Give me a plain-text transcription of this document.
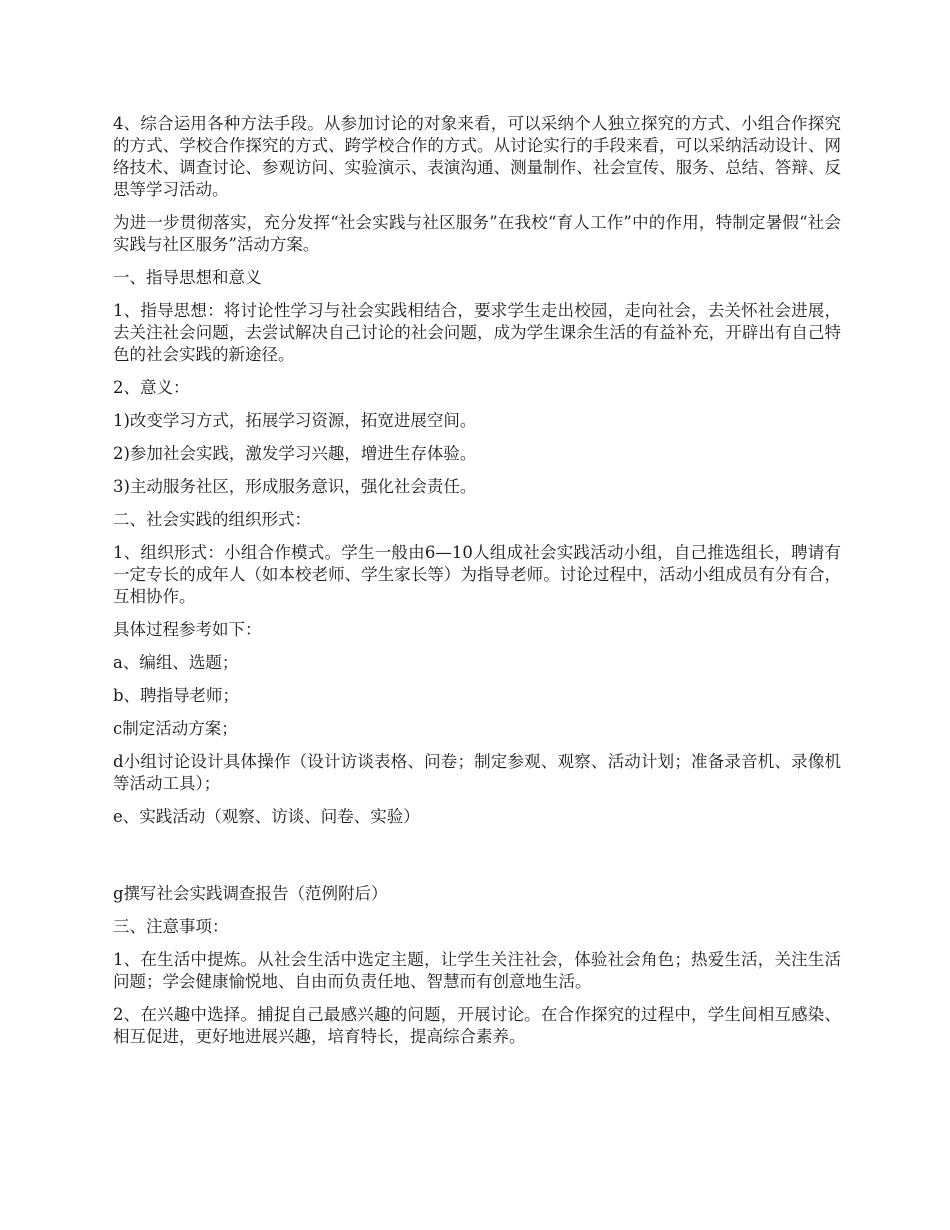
4、综合运用各种方法手段。从参加讨论的对象来看，可以采纳个人独立探究的方式、小组合作探究的方式、学校合作探究的方式、跨学校合作的方式。从讨论实行的手段来看，可以采纳活动设计、网络技术、调查讨论、参观访问、实验演示、表演沟通、测量制作、社会宣传、服务、总结、答辩、反思等学习活动。

为进一步贯彻落实，充分发挥“社会实践与社区服务”在我校“育人工作”中的作用，特制定暑假“社会实践与社区服务”活动方案。

一、指导思想和意义

1、指导思想：将讨论性学习与社会实践相结合，要求学生走出校园，走向社会，去关怀社会进展，去关注社会问题，去尝试解决自己讨论的社会问题，成为学生课余生活的有益补充，开辟出有自己特色的社会实践的新途径。

2、意义：

1)改变学习方式，拓展学习资源，拓宽进展空间。

2)参加社会实践，激发学习兴趣，增进生存体验。

3)主动服务社区，形成服务意识，强化社会责任。

二、社会实践的组织形式：

1、组织形式：小组合作模式。学生一般由6—10人组成社会实践活动小组，自己推选组长，聘请有一定专长的成年人（如本校老师、学生家长等）为指导老师。讨论过程中，活动小组成员有分有合，互相协作。

具体过程参考如下：

a、编组、选题；

b、聘指导老师；

c制定活动方案；

d小组讨论设计具体操作（设计访谈表格、问卷；制定参观、观察、活动计划；准备录音机、录像机等活动工具）；

e、实践活动（观察、访谈、问卷、实验）

g撰写社会实践调查报告（范例附后）

三、注意事项：

1、在生活中提炼。从社会生活中选定主题，让学生关注社会，体验社会角色；热爱生活，关注生活问题；学会健康愉悦地、自由而负责任地、智慧而有创意地生活。

2、在兴趣中选择。捕捉自己最感兴趣的问题，开展讨论。在合作探究的过程中，学生间相互感染、相互促进，更好地进展兴趣，培育特长，提高综合素养。
